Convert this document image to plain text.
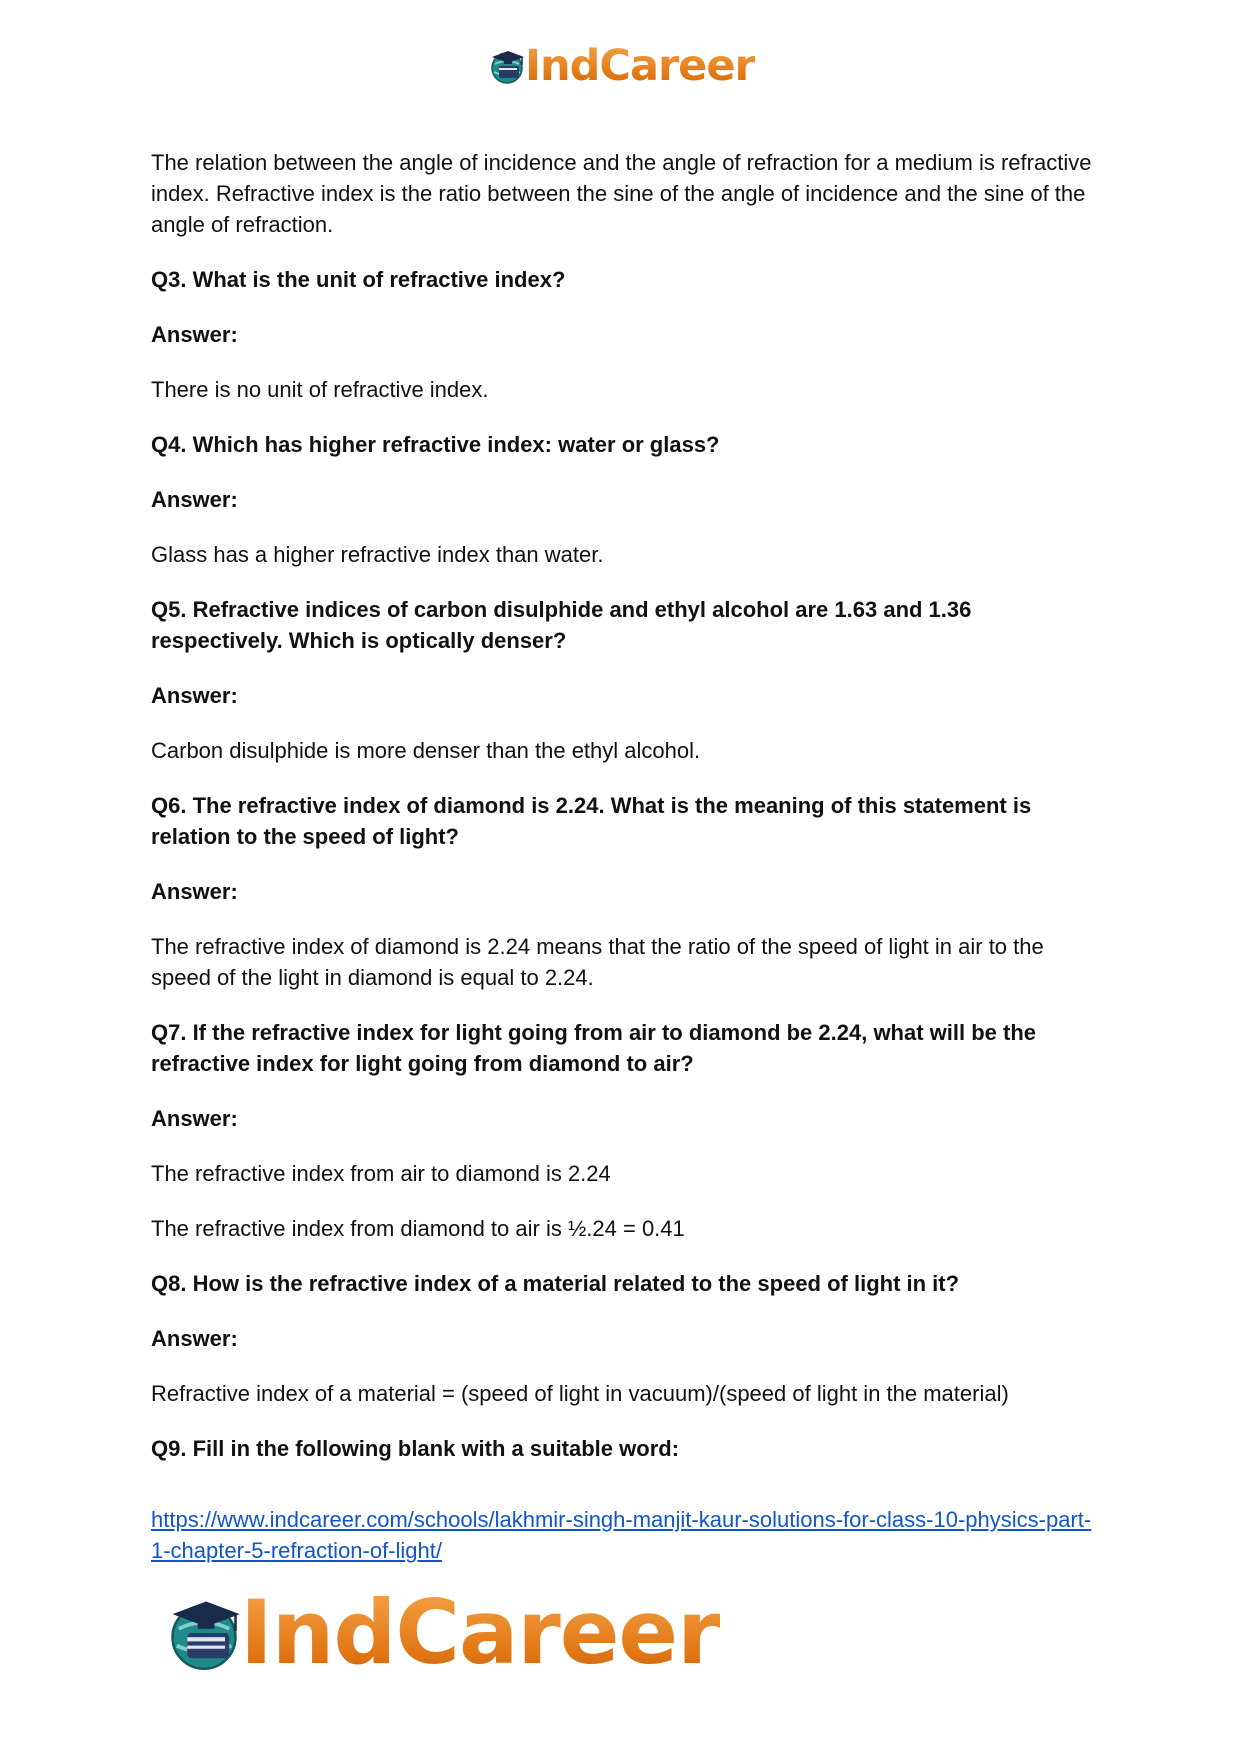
IndCareer

The relation between the angle of incidence and the angle of refraction for a medium is refractive index. Refractive index is the ratio between the sine of the angle of incidence and the sine of the angle of refraction.

Q3. What is the unit of refractive index?

Answer:

There is no unit of refractive index.

Q4. Which has higher refractive index: water or glass?

Answer:

Glass has a higher refractive index than water.

Q5. Refractive indices of carbon disulphide and ethyl alcohol are 1.63 and 1.36 respectively. Which is optically denser?

Answer:

Carbon disulphide is more denser than the ethyl alcohol.

Q6. The refractive index of diamond is 2.24. What is the meaning of this statement is relation to the speed of light?

Answer:

The refractive index of diamond is 2.24 means that the ratio of the speed of light in air to the speed of the light in diamond is equal to 2.24.

Q7. If the refractive index for light going from air to diamond be 2.24, what will be the refractive index for light going from diamond to air?

Answer:

The refractive index from air to diamond is 2.24

The refractive index from diamond to air is ½.24 = 0.41

Q8. How is the refractive index of a material related to the speed of light in it?

Answer:

Refractive index of a material = (speed of light in vacuum)/(speed of light in the material)

Q9. Fill in the following blank with a suitable word:

https://www.indcareer.com/schools/lakhmir-singh-manjit-kaur-solutions-for-class-10-physics-part-1-chapter-5-refraction-of-light/
IndCareer
